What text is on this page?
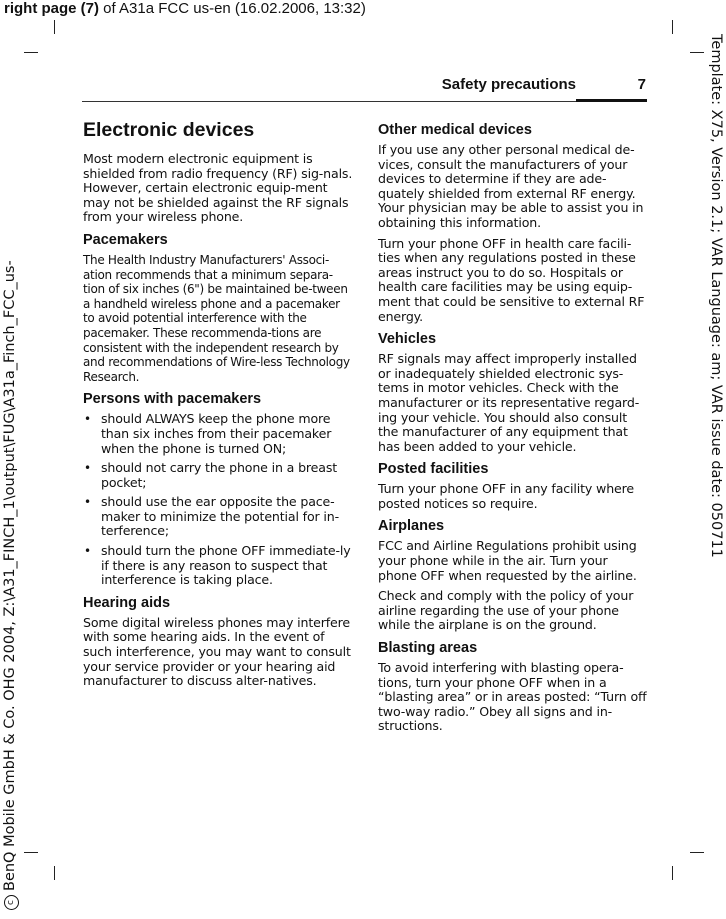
right page (7) of A31a FCC us-en (16.02.2006, 13:32)
cBenQ Mobile GmbH & Co. OHG 2004, Z:\A31_FINCH_1\output\FUG\A31a_Finch_FCC_us-	Template: X75, Version 2.1; VAR Language: am; VAR issue date: 050711
Safety precautions	7
Electronic devices
Most modern electronic equipment is shielded from radio frequency (RF) sig-nals. However, certain electronic equip-ment may not be shielded against the RF signals from your wireless phone.
Pacemakers
The Health Industry Manufacturers' Associ-ation recommends that a minimum separa-tion of six inches (6") be maintained be-tween a handheld wireless phone and a pacemaker to avoid potential interference with the pacemaker. These recommenda-tions are consistent with the independent research by and recommendations of Wire-less Technology Research.
Persons with pacemakers
• should ALWAYS keep the phone more than six inches from their pacemaker when the phone is turned ON;
• should not carry the phone in a breast pocket;
• should use the ear opposite the pace-maker to minimize the potential for in-terference;
• should turn the phone OFF immediate-ly if there is any reason to suspect that interference is taking place.
Hearing aids
Some digital wireless phones may interfere with some hearing aids. In the event of such interference, you may want to consult your service provider or your hearing aid manufacturer to discuss alter-natives.
Other medical devices
If you use any other personal medical de-vices, consult the manufacturers of your devices to determine if they are ade-quately shielded from external RF energy. Your physician may be able to assist you in obtaining this information.
Turn your phone OFF in health care facili-ties when any regulations posted in these areas instruct you to do so. Hospitals or health care facilities may be using equip-ment that could be sensitive to external RF energy.
Vehicles
RF signals may affect improperly installed or inadequately shielded electronic sys-tems in motor vehicles. Check with the manufacturer or its representative regard-ing your vehicle. You should also consult the manufacturer of any equipment that has been added to your vehicle.
Posted facilities
Turn your phone OFF in any facility where posted notices so require.
Airplanes
FCC and Airline Regulations prohibit using your phone while in the air. Turn your phone OFF when requested by the airline.
Check and comply with the policy of your airline regarding the use of your phone while the airplane is on the ground.
Blasting areas
To avoid interfering with blasting opera-tions, turn your phone OFF when in a “blasting area” or in areas posted: “Turn off two-way radio.” Obey all signs and in-structions.
